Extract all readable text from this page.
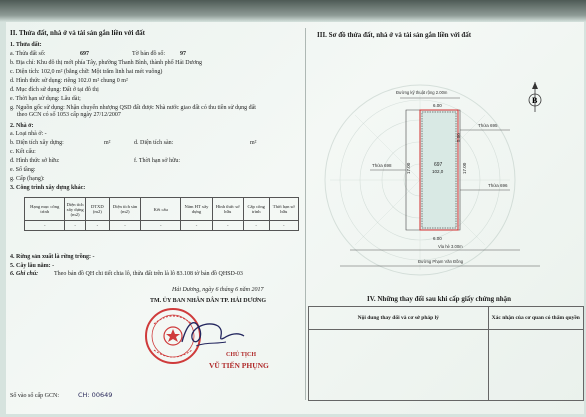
II. Thửa đất, nhà ở và tài sản gắn liền với đất
1. Thửa đất:
a. Thửa đất số:	697	Tờ bản đồ số: 97
b. Địa chỉ: Khu đô thị mới phía Tây, phường Thanh Bình, thành phố Hải Dương
c. Diện tích: 102,0 m² (bằng chữ: Một trăm linh hai mét vuông)
d. Hình thức sử dụng: riêng 102.0 m² chung 0 m²
đ. Mục đích sử dụng: Đất ở tại đô thị
e. Thời hạn sử dụng: Lâu dài;
g. Nguồn gốc sử dụng: Nhận chuyển nhượng QSD đất được Nhà nước giao đất có thu tiền sử dụng đất
theo GCN có số 1053 cấp ngày 27/12/2007
2. Nhà ở:
a. Loại nhà ở: -
b. Diện tích xây dựng:	m²	d. Diện tích sàn:	m²
c. Kết cấu:
đ. Hình thức sở hữu:
e. Số tầng:
f. Thời hạn sở hữu:
g. Cấp (hạng):
3. Công trình xây dựng khác:
Hạng mục công trình	Diện tích xây dựng (m2)	DTXD (m2)	Diện tích sàn (m2)	Kết cấu	Năm HT xây dựng	Hình thức sở hữu	Cấp công trình	Thời hạn sở hữu
-	-	-	-	-	-	-	-	-
4. Rừng sản xuất là rừng trồng: -
5. Cây lâu năm: -
6. Ghi chú:	Theo bản đồ QH chi tiết chia lô, thửa đất trên là lô 83.108 tờ bản đồ QHSD-03
Hải Dương, ngày 6 tháng 6 năm 2017
TM. ỦY BAN NHÂN DÂN TP. HẢI DƯƠNG
CHỦ TỊCH
VŨ TIẾN PHỤNG
Số vào sổ cấp GCN:	CH: 00649
III. Sơ đồ thửa đất, nhà ở và tài sản gắn liền với đất
B
Đường kỹ thuật rộng 2.00m
6.00
6.00
17.00	17.00
5.00
697
102,0
Thửa 695
Thửa 696
Thửa 698
Vỉa hè 3.00m
Đường Phạm Văn Đồng
IV. Những thay đổi sau khi cấp giấy chứng nhận
Nội dung thay đổi và cơ sở pháp lý	Xác nhận của cơ quan có thẩm quyền
